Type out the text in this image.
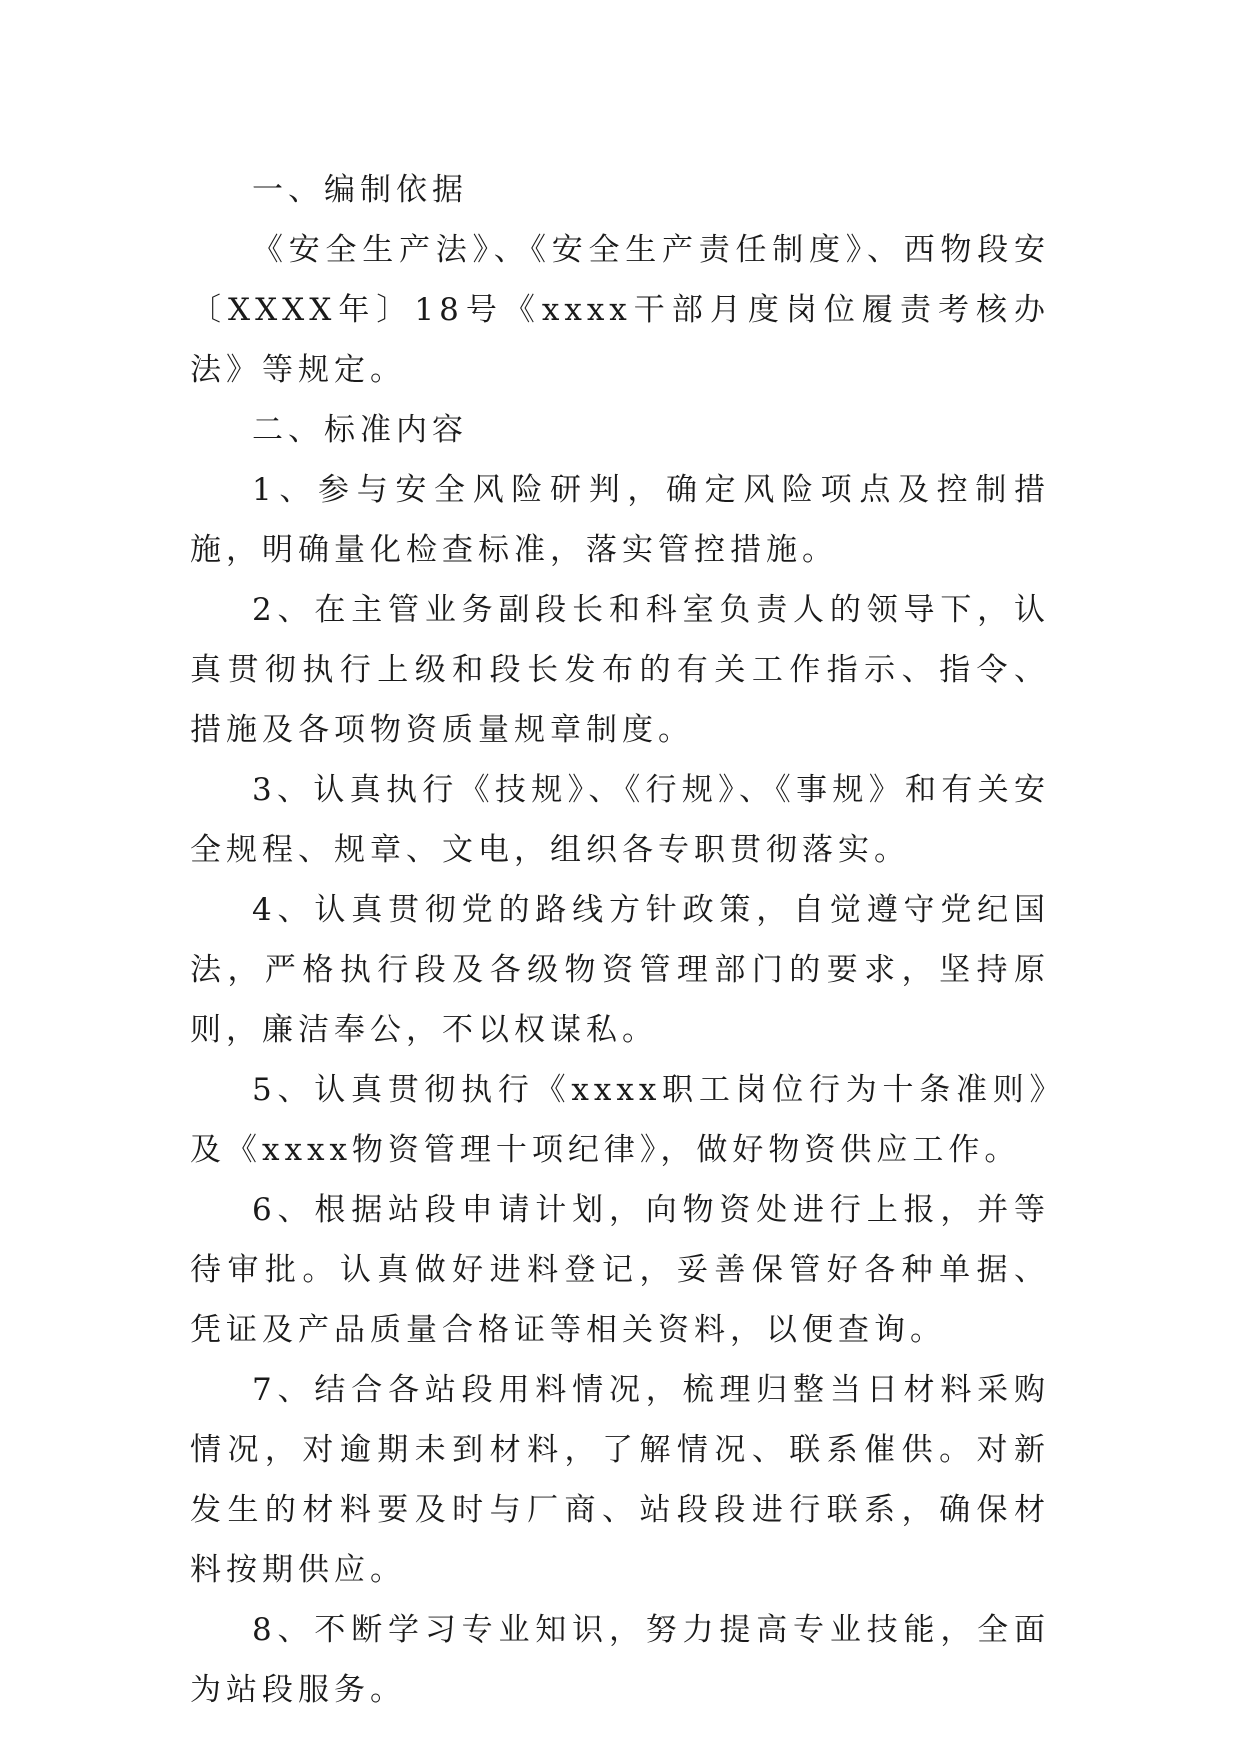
一、编制依据

《安全生产法》、《安全生产责任制度》、西物段安〔XXXX年〕18号《xxxx干部月度岗位履责考核办法》等规定。

二、标准内容

1、参与安全风险研判，确定风险项点及控制措施，明确量化检查标准，落实管控措施。

2、在主管业务副段长和科室负责人的领导下，认真贯彻执行上级和段长发布的有关工作指示、指令、措施及各项物资质量规章制度。

3、认真执行《技规》、《行规》、《事规》和有关安全规程、规章、文电，组织各专职贯彻落实。

4、认真贯彻党的路线方针政策，自觉遵守党纪国法，严格执行段及各级物资管理部门的要求，坚持原则，廉洁奉公，不以权谋私。

5、认真贯彻执行《xxxx职工岗位行为十条准则》及《xxxx物资管理十项纪律》，做好物资供应工作。

6、根据站段申请计划，向物资处进行上报，并等待审批。认真做好进料登记，妥善保管好各种单据、凭证及产品质量合格证等相关资料，以便查询。

7、结合各站段用料情况，梳理归整当日材料采购情况，对逾期未到材料，了解情况、联系催供。对新发生的材料要及时与厂商、站段段进行联系，确保材料按期供应。

8、不断学习专业知识，努力提高专业技能，全面为站段服务。
